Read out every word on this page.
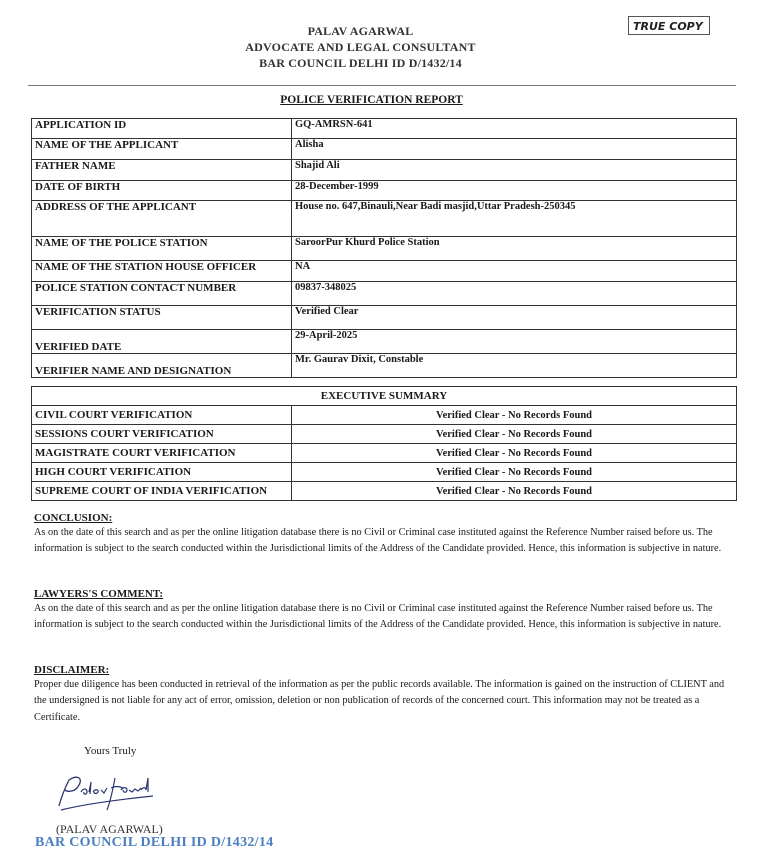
PALAV AGARWAL
ADVOCATE AND LEGAL CONSULTANT
BAR COUNCIL DELHI ID D/1432/14
TRUE COPY
POLICE VERIFICATION REPORT
APPLICATION ID	GQ-AMRSN-641
NAME OF THE APPLICANT	Alisha
FATHER NAME	Shajid Ali
DATE OF BIRTH	28-December-1999
ADDRESS OF THE APPLICANT	House no. 647,Binauli,Near Badi masjid,Uttar Pradesh-250345
NAME OF THE POLICE STATION	SaroorPur Khurd Police Station
NAME OF THE STATION HOUSE OFFICER	NA
POLICE STATION CONTACT NUMBER	09837-348025
VERIFICATION STATUS	Verified Clear
VERIFIED DATE	29-April-2025
VERIFIER NAME AND DESIGNATION	Mr. Gaurav Dixit, Constable
EXECUTIVE SUMMARY	
CIVIL COURT VERIFICATION	Verified Clear - No Records Found
SESSIONS COURT VERIFICATION	Verified Clear - No Records Found
MAGISTRATE COURT VERIFICATION	Verified Clear - No Records Found
HIGH COURT VERIFICATION	Verified Clear - No Records Found
SUPREME COURT OF INDIA VERIFICATION	Verified Clear - No Records Found
CONCLUSION:
As on the date of this search and as per the online litigation database there is no Civil or Criminal case instituted against the Reference Number raised before us. The information is subject to the search conducted within the Jurisdictional limits of the Address of the Candidate provided. Hence, this information is subjective in nature.
LAWYERS'S COMMENT:
As on the date of this search and as per the online litigation database there is no Civil or Criminal case instituted against the Reference Number raised before us. The information is subject to the search conducted within the Jurisdictional limits of the Address of the Candidate provided. Hence, this information is subjective in nature.
DISCLAIMER:
Proper due diligence has been conducted in retrieval of the information as per the public records available. The information is gained on the instruction of CLIENT and the undersigned is not liable for any act of error, omission, deletion or non publication of records of the concerned court. This information may not be treated as a Certificate.
Yours Truly
(PALAV AGARWAL)
BAR COUNCIL DELHI ID D/1432/14
